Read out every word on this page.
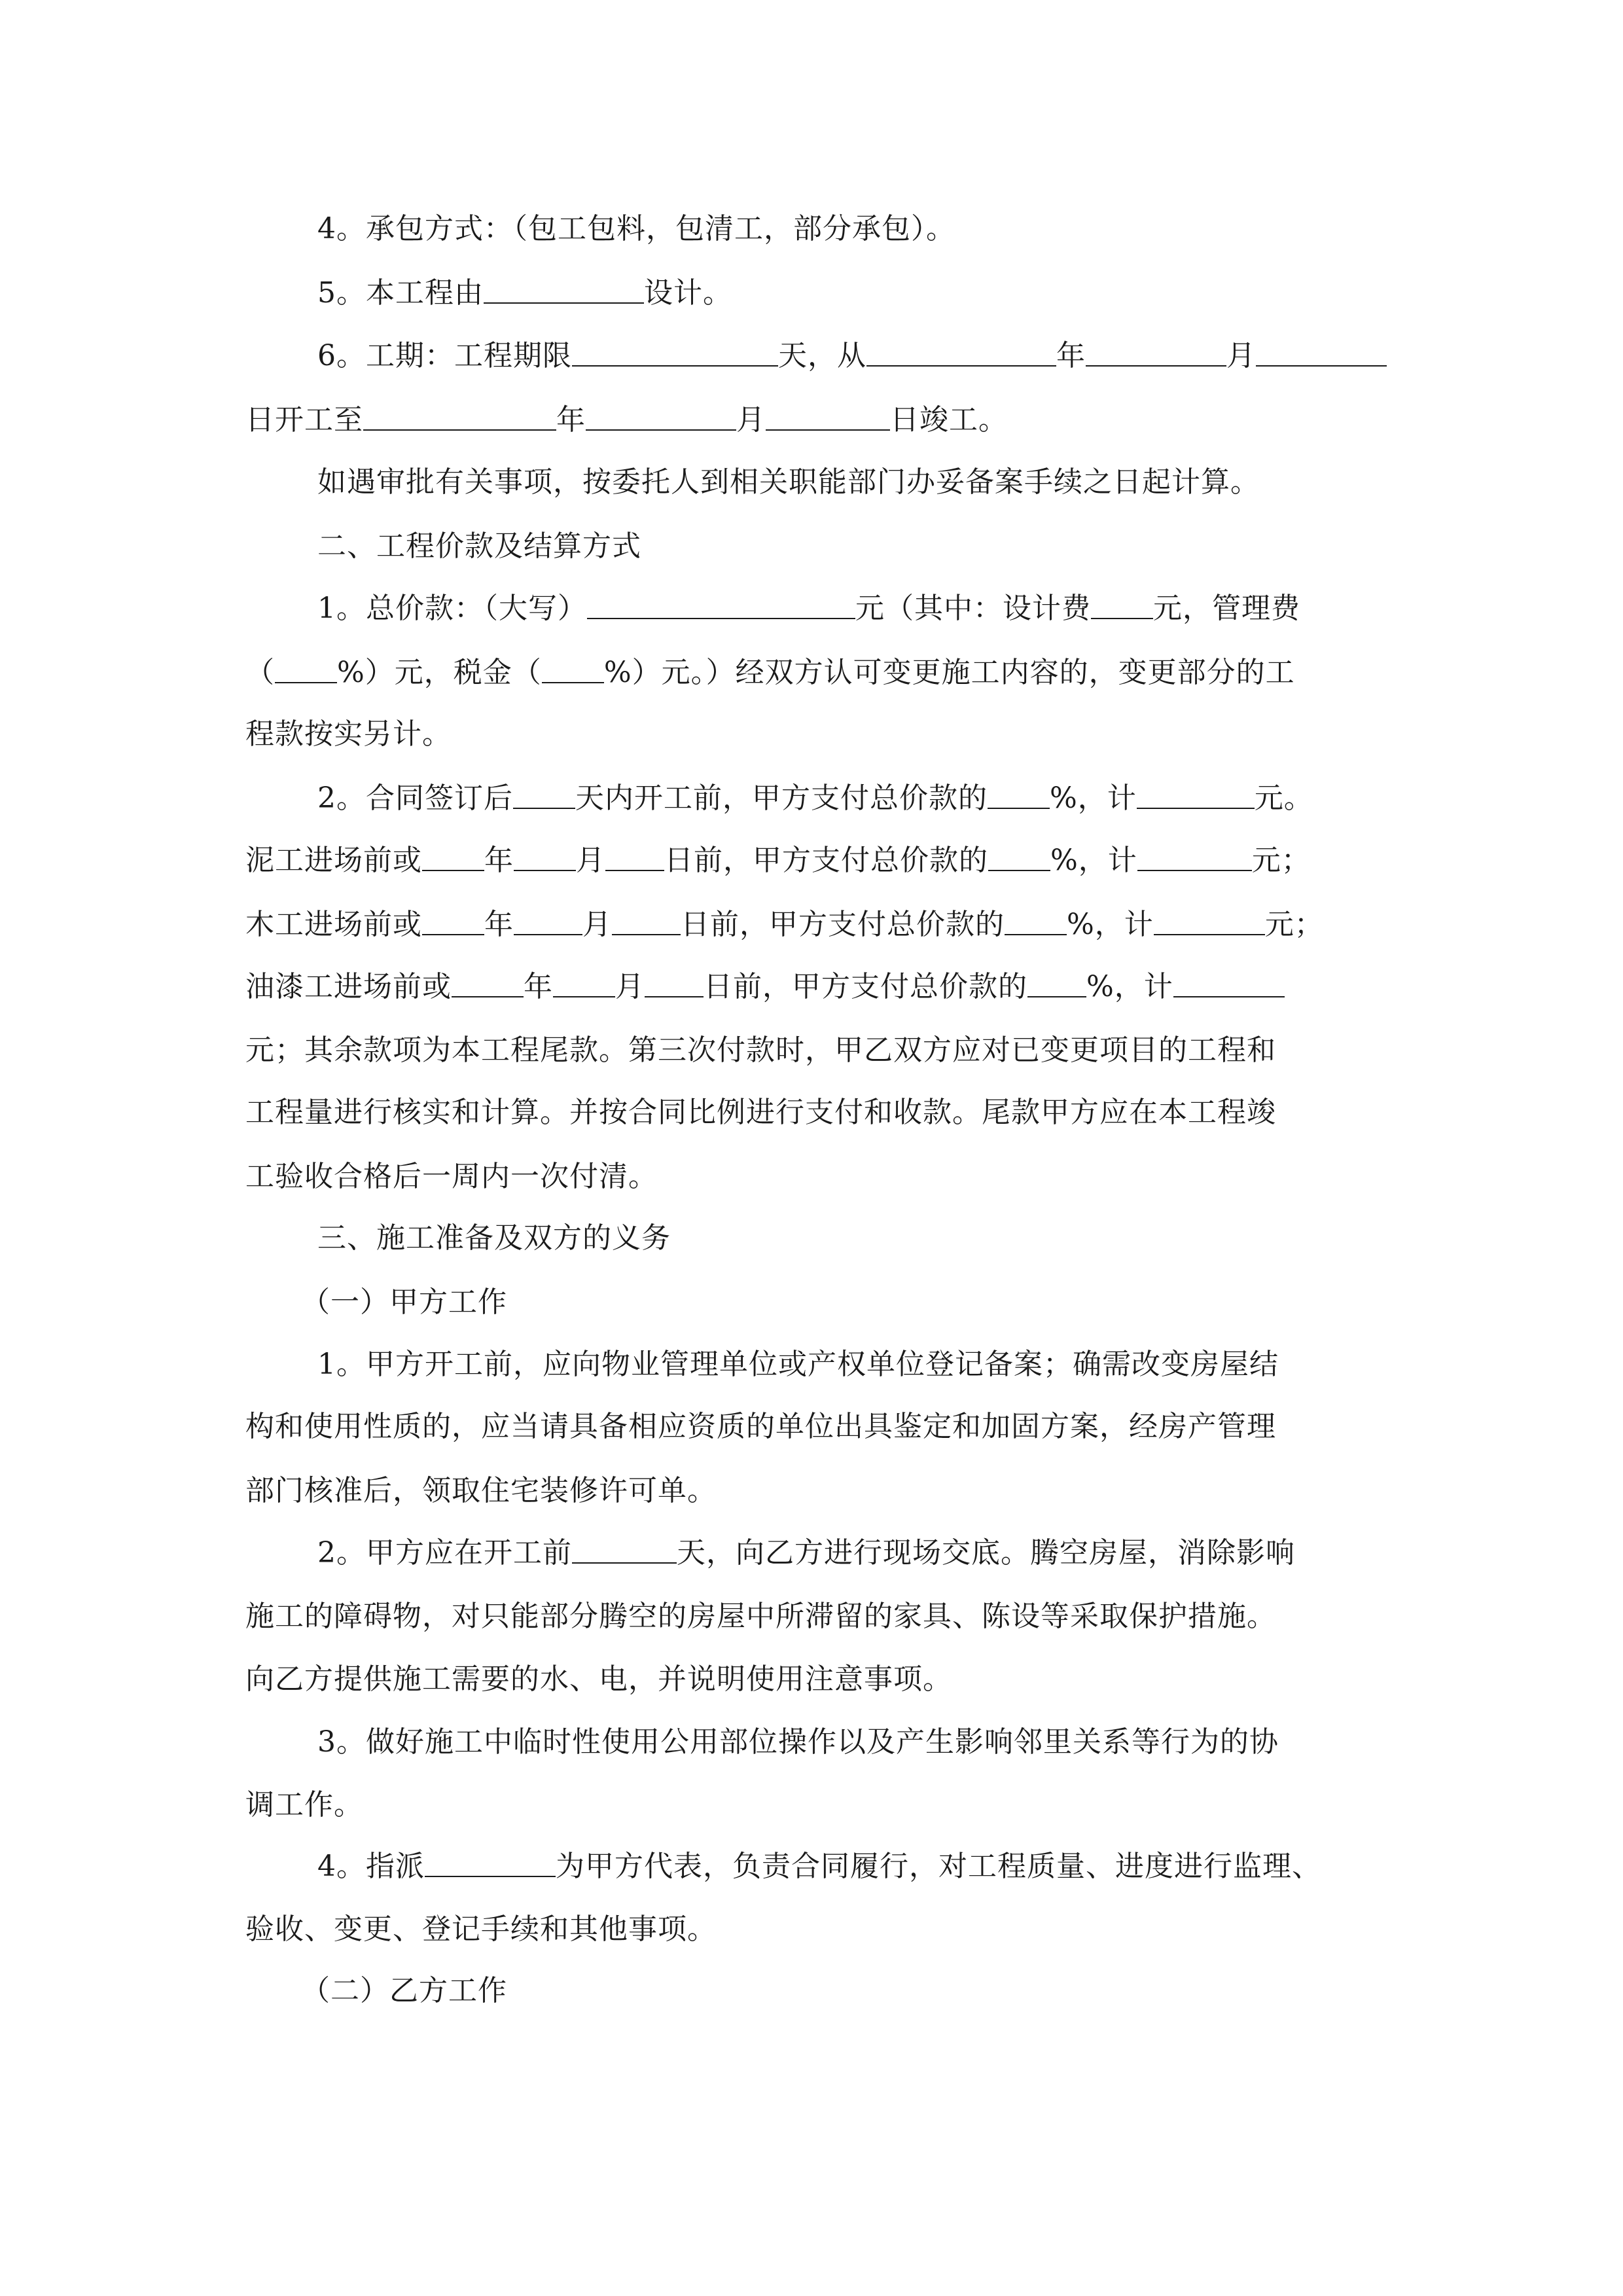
4。承包方式：（包工包料，包清工，部分承包）。
5。本工程由	设计。
6。工期：工程期限	天，从	年	月
日开工至	年	月	日竣工。
如遇审批有关事项，按委托人到相关职能部门办妥备案手续之日起计算。
二、工程价款及结算方式
1。总价款：（大写）	元（其中：设计费 元，管理费
（ %）元，税金（ %）元。）经双方认可变更施工内容的，变更部分的工
程款按实另计。
2。合同签订后 天内开工前，甲方支付总价款的 %，计	元。
泥工进场前或 年 月 日前，甲方支付总价款的 %，计	元；
木工进场前或 年 月 日前，甲方支付总价款的 %，计	元；
油漆工进场前或	年 月 日前，甲方支付总价款的 %，计
元；其余款项为本工程尾款。第三次付款时，甲乙双方应对已变更项目的工程和
工程量进行核实和计算。并按合同比例进行支付和收款。尾款甲方应在本工程竣
工验收合格后一周内一次付清。
三、施工准备及双方的义务
（一）甲方工作
1。甲方开工前，应向物业管理单位或产权单位登记备案；确需改变房屋结
构和使用性质的，应当请具备相应资质的单位出具鉴定和加固方案，经房产管理
部门核准后，领取住宅装修许可单。
2。甲方应在开工前	天，向乙方进行现场交底。腾空房屋，消除影响
施工的障碍物，对只能部分腾空的房屋中所滞留的家具、陈设等采取保护措施。
向乙方提供施工需要的水、电，并说明使用注意事项。
3。做好施工中临时性使用公用部位操作以及产生影响邻里关系等行为的协
调工作。
4。指派	为甲方代表，负责合同履行，对工程质量、进度进行监理、
验收、变更、登记手续和其他事项。
（二）乙方工作
